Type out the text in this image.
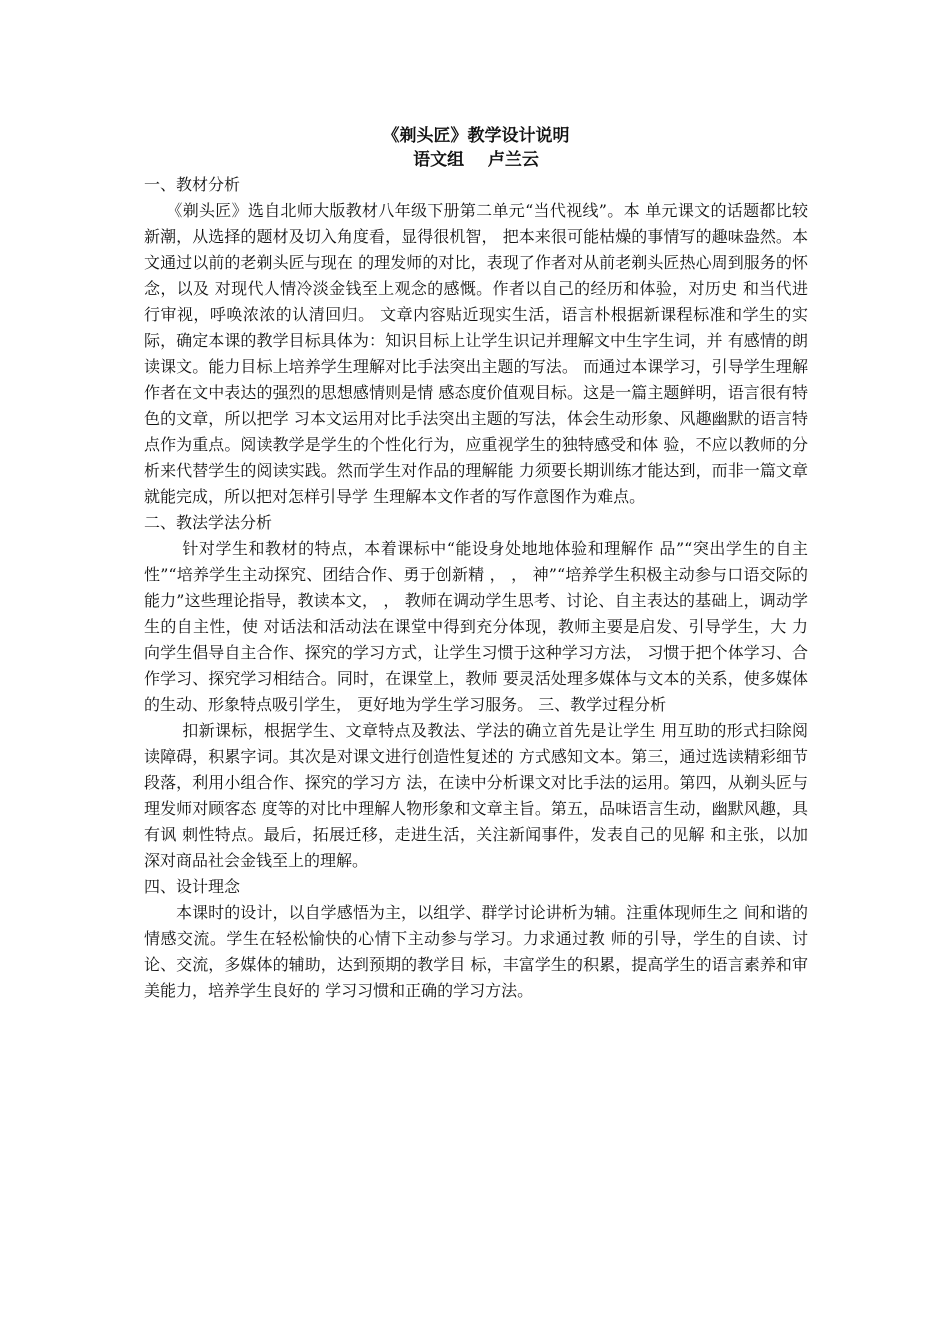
《剃头匠》教学设计说明

语文组    卢兰云

一、教材分析

《剃头匠》选自北师大版教材八年级下册第二单元“当代视线”。本 单元课文的话题都比较新潮，从选择的题材及切入角度看，显得很机智， 把本来很可能枯燥的事情写的趣味盎然。本文通过以前的老剃头匠与现在 的理发师的对比，表现了作者对从前老剃头匠热心周到服务的怀念，以及 对现代人情冷淡金钱至上观念的感慨。作者以自己的经历和体验，对历史 和当代进行审视，呼唤浓浓的认清回归。 文章内容贴近现实生活，语言朴根据新课程标准和学生的实际，确定本课的教学目标具体为：知识目标上让学生识记并理解文中生字生词，并 有感情的朗读课文。能力目标上培养学生理解对比手法突出主题的写法。 而通过本课学习，引导学生理解作者在文中表达的强烈的思想感情则是情 感态度价值观目标。这是一篇主题鲜明，语言很有特色的文章，所以把学 习本文运用对比手法突出主题的写法，体会生动形象、风趣幽默的语言特 点作为重点。阅读教学是学生的个性化行为，应重视学生的独特感受和体 验，不应以教师的分析来代替学生的阅读实践。然而学生对作品的理解能 力须要长期训练才能达到，而非一篇文章就能完成，所以把对怎样引导学 生理解本文作者的写作意图作为难点。

二、教法学法分析

针对学生和教材的特点，本着课标中“能设身处地地体验和理解作 品”“突出学生的自主性”“培养学生主动探究、团结合作、勇于创新精 ， ， 神”“培养学生积极主动参与口语交际的能力”这些理论指导，教读本文， ， 教师在调动学生思考、讨论、自主表达的基础上，调动学生的自主性，使 对话法和活动法在课堂中得到充分体现，教师主要是启发、引导学生，大 力向学生倡导自主合作、探究的学习方式，让学生习惯于这种学习方法， 习惯于把个体学习、合作学习、探究学习相结合。同时，在课堂上，教师 要灵活处理多媒体与文本的关系，使多媒体的生动、形象特点吸引学生， 更好地为学生学习服务。 三、教学过程分析

扣新课标，根据学生、文章特点及教法、学法的确立首先是让学生 用互助的形式扫除阅读障碍，积累字词。其次是对课文进行创造性复述的 方式感知文本。第三，通过选读精彩细节段落，利用小组合作、探究的学习方 法，在读中分析课文对比手法的运用。第四，从剃头匠与理发师对顾客态 度等的对比中理解人物形象和文章主旨。第五，品味语言生动，幽默风趣，具有讽 刺性特点。最后，拓展迁移，走进生活，关注新闻事件，发表自己的见解 和主张，以加深对商品社会金钱至上的理解。

四、设计理念

本课时的设计，以自学感悟为主，以组学、群学讨论讲析为辅。注重体现师生之 间和谐的情感交流。学生在轻松愉快的心情下主动参与学习。力求通过教 师的引导，学生的自读、讨论、交流，多媒体的辅助，达到预期的教学目 标，丰富学生的积累，提高学生的语言素养和审美能力，培养学生良好的 学习习惯和正确的学习方法。
